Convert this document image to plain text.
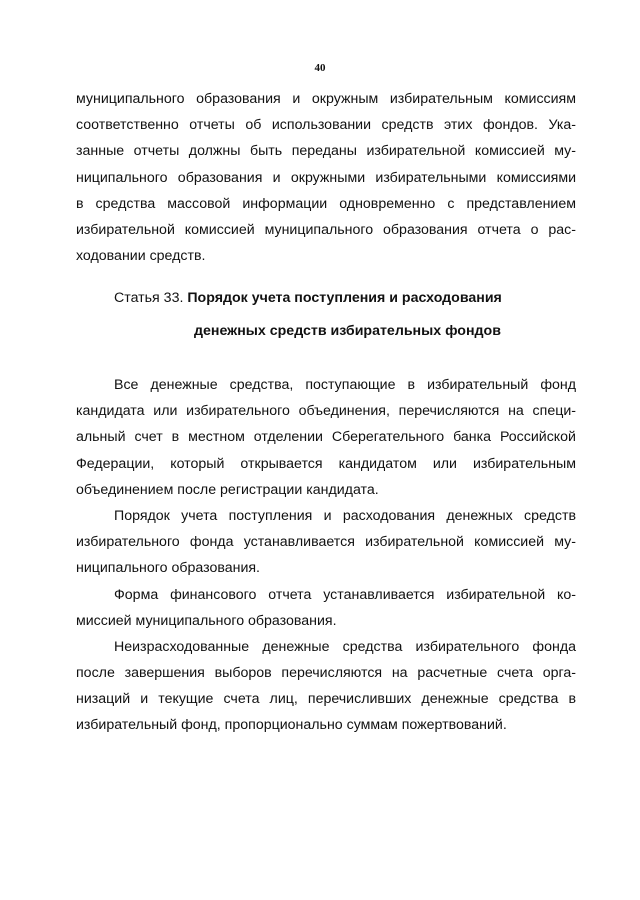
40
муниципального образования и окружным избирательным комиссиям
соответственно отчеты об использовании средств этих фондов. Ука-
занные отчеты должны быть переданы избирательной комиссией му-
ниципального образования и окружными избирательными комиссиями
в средства массовой информации одновременно с представлением
избирательной комиссией муниципального образования отчета о рас-
ходовании средств.
Статья 33. Порядок учета поступления и расходования
денежных средств избирательных фондов
Все денежные средства, поступающие в избирательный фонд
кандидата или избирательного объединения, перечисляются на специ-
альный счет в местном отделении Сберегательного банка Российской
Федерации, который открывается кандидатом или избирательным
объединением после регистрации кандидата.
Порядок учета поступления и расходования денежных средств
избирательного фонда устанавливается избирательной комиссией му-
ниципального образования.
Форма финансового отчета устанавливается избирательной ко-
миссией муниципального образования.
Неизрасходованные денежные средства избирательного фонда
после завершения выборов перечисляются на расчетные счета орга-
низаций и текущие счета лиц, перечисливших денежные средства в
избирательный фонд, пропорционально суммам пожертвований.
